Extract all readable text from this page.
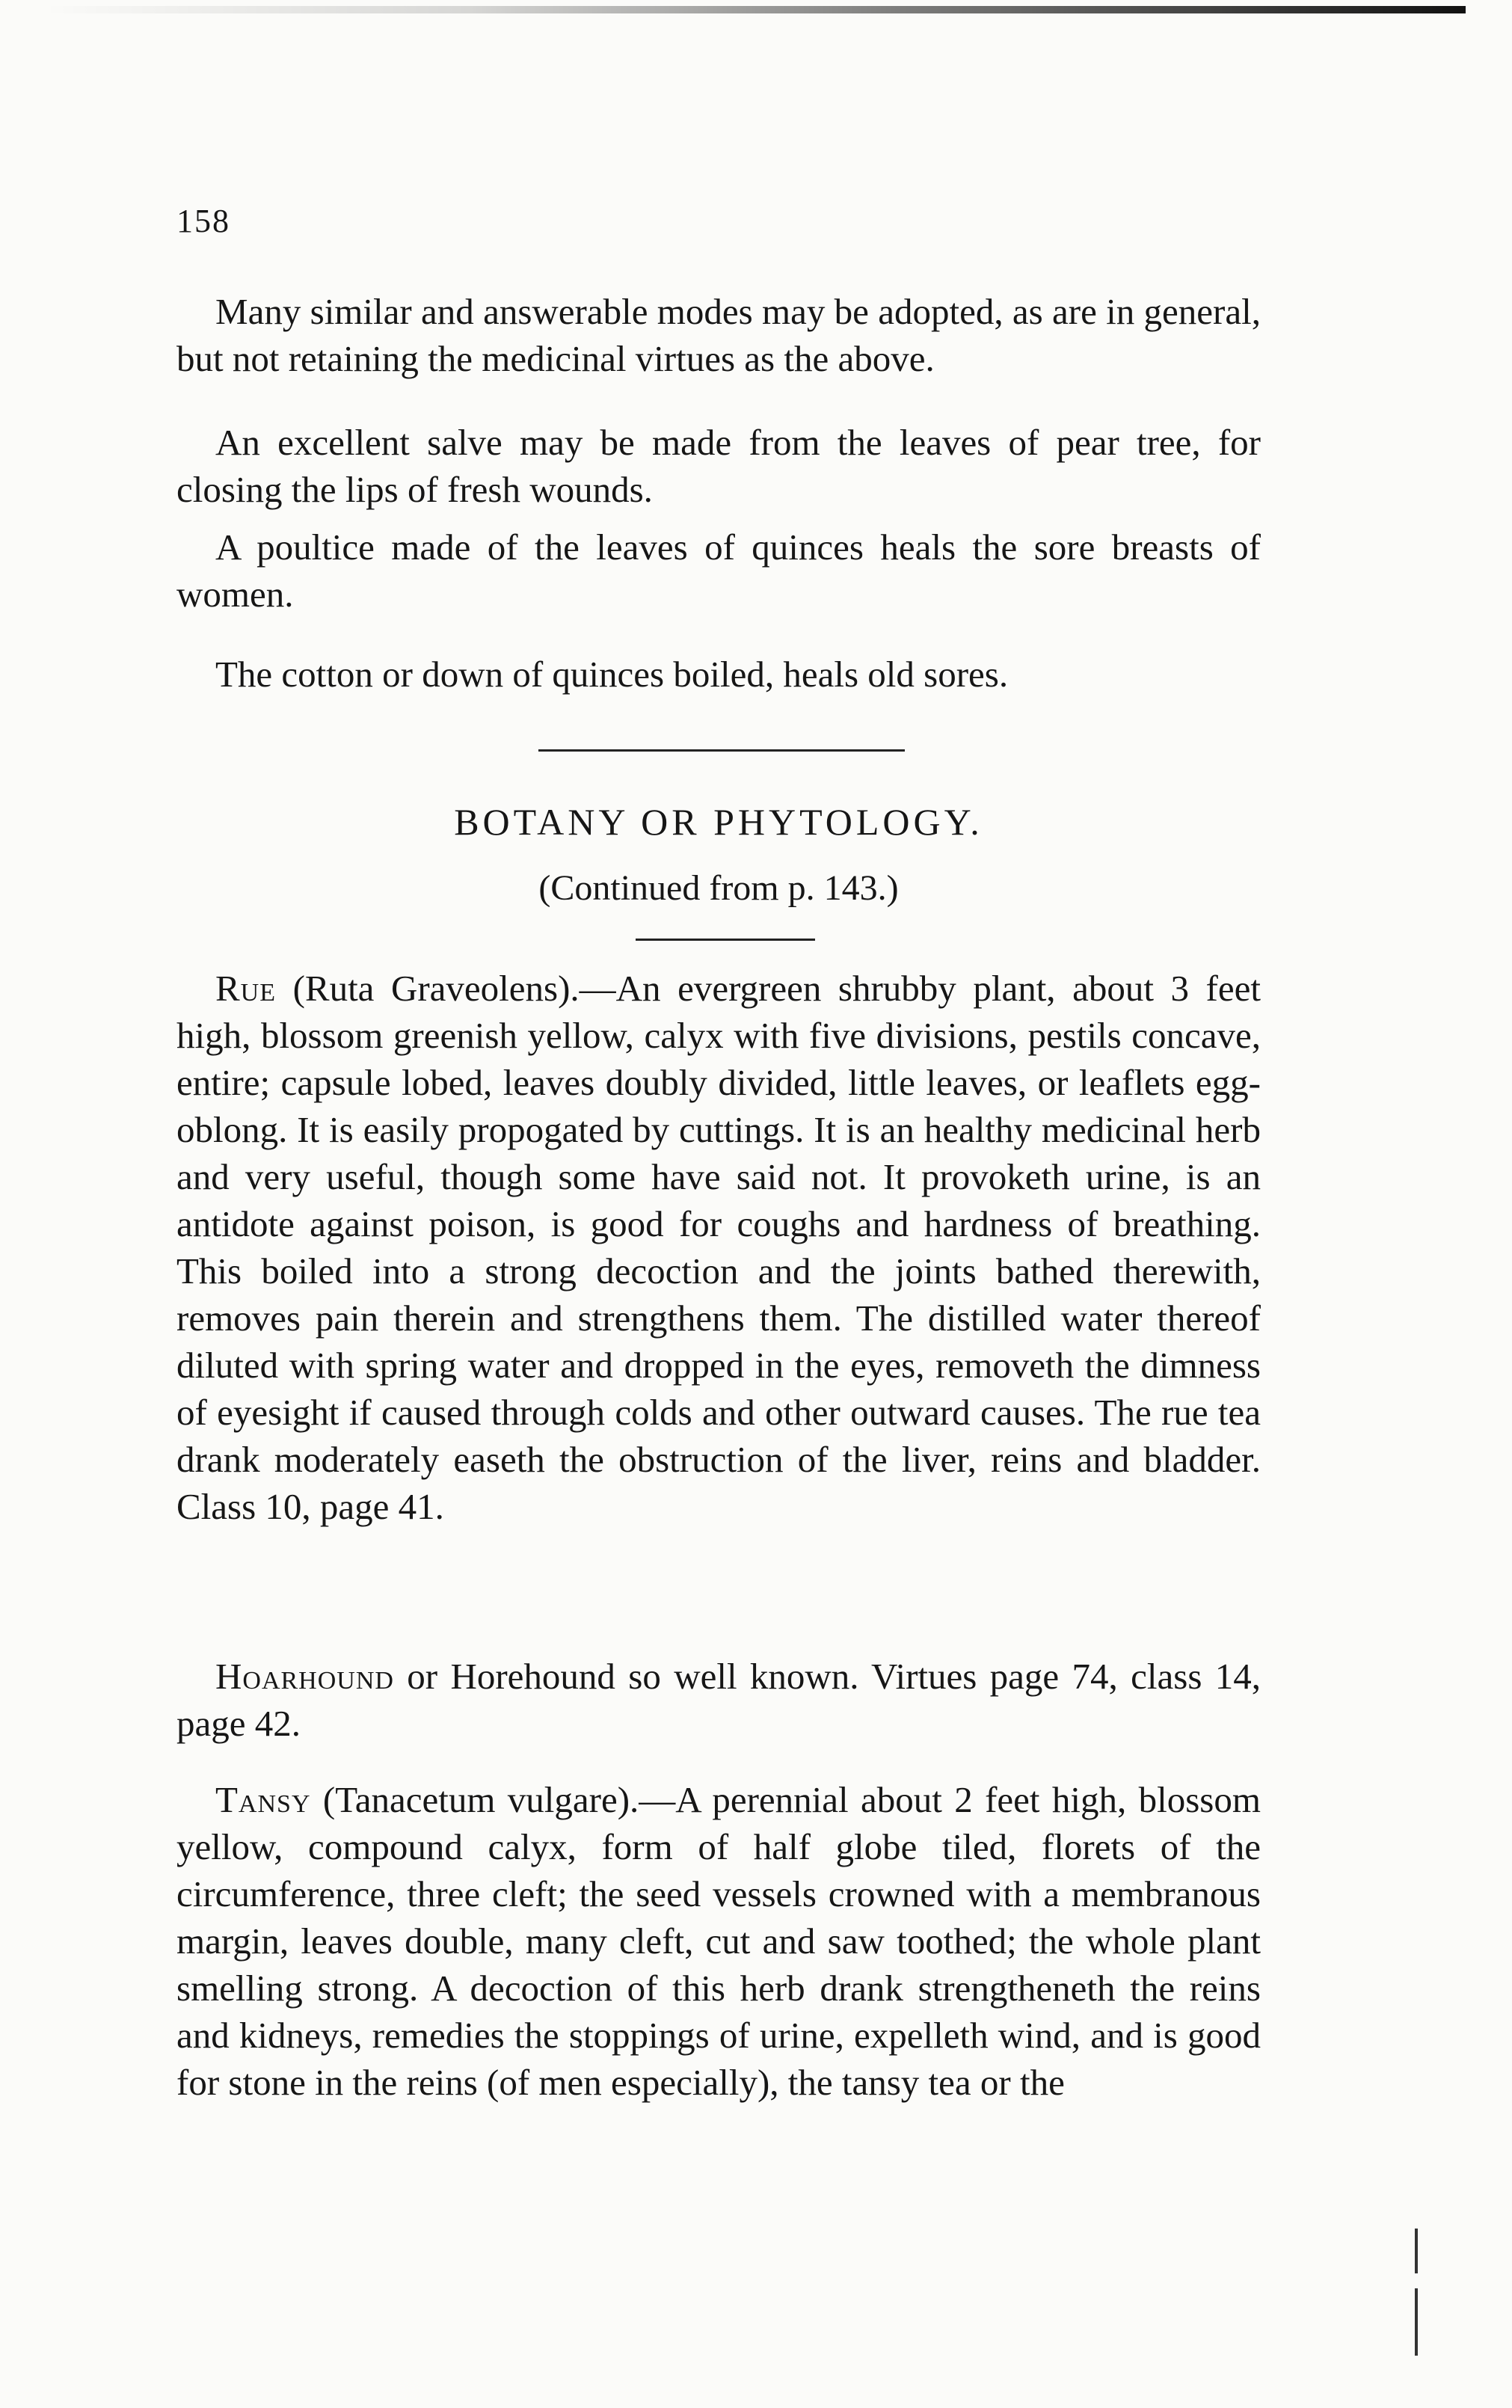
158

Many similar and answerable modes may be adopted, as are in general, but not retaining the medicinal virtues as the above.

An excellent salve may be made from the leaves of pear tree, for closing the lips of fresh wounds.

A poultice made of the leaves of quinces heals the sore breasts of women.

The cotton or down of quinces boiled, heals old sores.

BOTANY OR PHYTOLOGY.
(Continued from p. 143.)

Rue (Ruta Graveolens).—An evergreen shrubby plant, about 3 feet high, blossom greenish yellow, calyx with five divisions, pestils concave, entire; capsule lobed, leaves doubly divided, little leaves, or leaflets egg-oblong. It is easily propogated by cuttings. It is an healthy medicinal herb and very useful, though some have said not. It provoketh urine, is an antidote against poison, is good for coughs and hardness of breathing. This boiled into a strong decoction and the joints bathed therewith, removes pain therein and strengthens them. The distilled water thereof diluted with spring water and dropped in the eyes, removeth the dimness of eyesight if caused through colds and other outward causes. The rue tea drank moderately easeth the obstruction of the liver, reins and bladder. Class 10, page 41.

Hoarhound or Horehound so well known. Virtues page 74, class 14, page 42.

Tansy (Tanacetum vulgare).—A perennial about 2 feet high, blossom yellow, compound calyx, form of half globe tiled, florets of the circumference, three cleft; the seed vessels crowned with a membranous margin, leaves double, many cleft, cut and saw toothed; the whole plant smelling strong. A decoction of this herb drank strengtheneth the reins and kidneys, remedies the stoppings of urine, expelleth wind, and is good for stone in the reins (of men especially), the tansy tea or the
